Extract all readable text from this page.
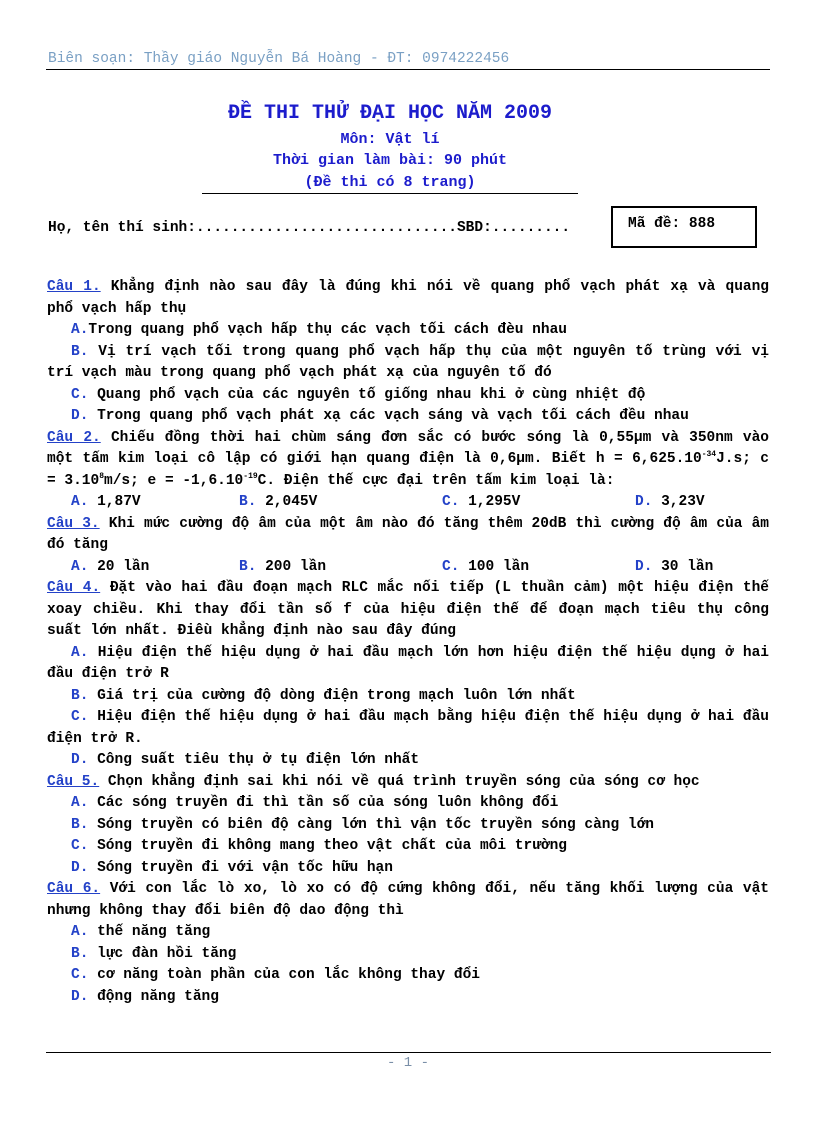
Biên soạn: Thầy giáo Nguyễn Bá Hoàng - ĐT: 0974222456
ĐỀ THI THỬ ĐẠI HỌC NĂM 2009
Môn: Vật lí
Thời gian làm bài: 90 phút
(Đề thi có 8 trang)
Họ, tên thí sinh:..............................SBD:.........	Mã đề: 888

Câu 1. Khẳng định nào sau đây là đúng khi nói về quang phổ vạch phát xạ và quang phổ vạch hấp thụ

A.Trong quang phổ vạch hấp thụ các vạch tối cách đèu nhau

B. Vị trí vạch tối trong quang phổ vạch hấp thụ của một nguyên tố trùng với vị trí vạch màu trong quang phổ vạch phát xạ của nguyên tố đó

C. Quang phổ vạch của các nguyên tố giống nhau khi ở cùng nhiệt độ

D. Trong quang phổ vạch phát xạ các vạch sáng và vạch tối cách đều nhau

Câu 2. Chiếu đồng thời hai chùm sáng đơn sắc có bước sóng là 0,55μm và 350nm vào một tấm kim loại cô lập có giới hạn quang điện là 0,6μm. Biết $h = 6,625.10^{-34}J.s$; $c = 3.10^8m/s$; $e = -1,6.10^{-19}C$. Điện thế cực đại trên tấm kim loại là:

A. 1,87V	B. 2,045V	C. 1,295V	D. 3,23V

Câu 3. Khi mức cường độ âm của một âm nào đó tăng thêm 20dB thì cường độ âm của âm đó tăng

A. 20 lần	B. 200 lần	C. 100 lần	D. 30 lần

Câu 4. Đặt vào hai đầu đoạn mạch RLC mắc nối tiếp (L thuần cảm) một hiệu điện thế xoay chiều. Khi thay đổi tần số f của hiệu điện thế để đoạn mạch tiêu thụ công suất lớn nhất. Điêù khẳng định nào sau đây đúng

A. Hiệu điện thế hiệu dụng ở hai đầu mạch lớn hơn hiệu điện thế hiệu dụng ở hai đầu điện trở R

B. Giá trị của cường độ dòng điện trong mạch luôn lớn nhất

C. Hiệu điện thế hiệu dụng ở hai đầu mạch bằng hiệu điện thế hiệu dụng ở hai đầu điện trở R.

D. Công suất tiêu thụ ở tụ điện lớn nhất

Câu 5. Chọn khẳng định sai khi nói về quá trình truyền sóng của sóng cơ học

A. Các sóng truyền đi thì tần số của sóng luôn không đổi

B. Sóng truyền có biên độ càng lớn thì vận tốc truyền sóng càng lớn

C. Sóng truyền đi không mang theo vật chất của môi trường

D. Sóng truyền đi với vận tốc hữu hạn

Câu 6. Với con lắc lò xo, lò xo có độ cứng không đổi, nếu tăng khối lượng của vật nhưng không thay đổi biên độ dao động thì

A. thế năng tăng

B. lực đàn hồi tăng

C. cơ năng toàn phần của con lắc không thay đổi

D. động năng tăng

- 1 -
